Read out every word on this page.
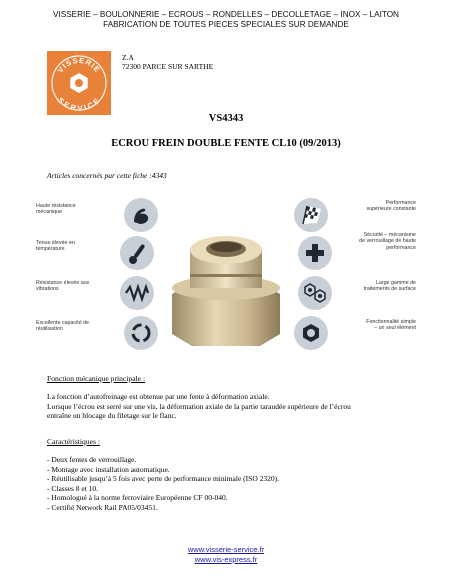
VISSERIE – BOULONNERIE – ECROUS – RONDELLES – DECOLLETAGE – INOX – LAITON
FABRICATION DE TOUTES PIECES SPECIALES SUR DEMANDE
VISSERIE
SERVICE
Z.A
72300 PARCE SUR SARTHE
VS4343
ECROU FREIN DOUBLE FENTE CL10 (09/2013)
Articles concernés par cette fiche :4343
Haute résistance
mécanique
Tenue élevée en
température
Résistance élevée aux
vibrations
Excellente capacité de
réutilisation
Performance
supérieure constante
Sécurité – mécanisme
de verrouillage de haute
performance
Large gamme de
traitements de surface
Fonctionnalité simple
– un seul élément
Fonction mécanique principale :
La fonction d’autofreinage est obtenue par une fente à déformation axiale.
Lorsque l’écrou est serré sur une vis, la déformation axiale de la partie taraudée supérieure de l’écrou
entraîne un blocage du filetage sur le flanc.
Caractéristiques :
- Deux fentes de verrouillage.
- Montage avec installation automatique.
- Réutilisable jusqu’à 5 fois avec perte de performance minimale (ISO 2320).
- Classes 8 et 10.
- Homologué à la norme ferroviaire Européenne CF 00-040.
- Certifié Network Rail PA05/03451.
www.visserie-service.fr
www.vis-express.fr
